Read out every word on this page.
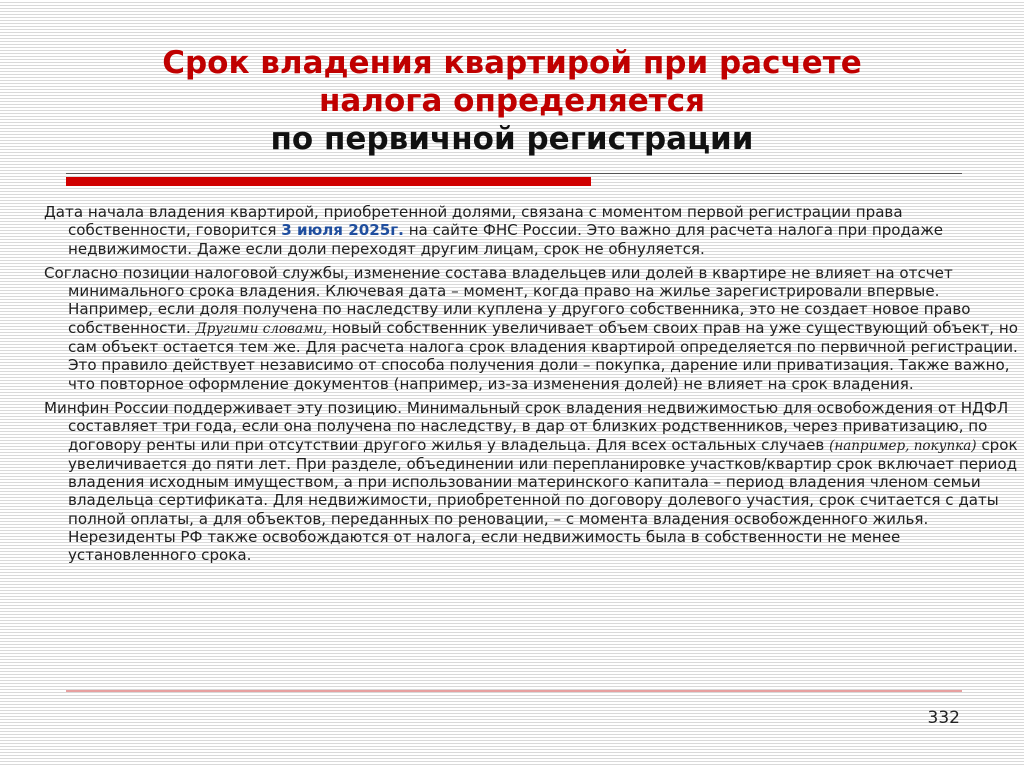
Срок владения квартирой при расчете
налога определяется
по первичной регистрации

Дата начала владения квартирой, приобретенной долями, связана с моментом первой регистрации права собственности, говорится 3 июля 2025г. на сайте ФНС России. Это важно для расчета налога при продаже недвижимости. Даже если доли переходят другим лицам, срок не обнуляется.

Согласно позиции налоговой службы, изменение состава владельцев или долей в квартире не влияет на отсчет минимального срока владения. Ключевая дата – момент, когда право на жилье зарегистрировали впервые. Например, если доля получена по наследству или куплена у другого собственника, это не создает новое право собственности. Другими словами, новый собственник увеличивает объем своих прав на уже существующий объект, но сам объект остается тем же. Для расчета налога срок владения квартирой определяется по первичной регистрации. Это правило действует независимо от способа получения доли – покупка, дарение или приватизация. Также важно, что повторное оформление документов (например, из-за изменения долей) не влияет на срок владения.

Минфин России поддерживает эту позицию. Минимальный срок владения недвижимостью для освобождения от НДФЛ составляет три года, если она получена по наследству, в дар от близких родственников, через приватизацию, по договору ренты или при отсутствии другого жилья у владельца. Для всех остальных случаев (например, покупка) срок увеличивается до пяти лет. При разделе, объединении или перепланировке участков/квартир срок включает период владения исходным имуществом, а при использовании материнского капитала – период владения членом семьи владельца сертификата. Для недвижимости, приобретенной по договору долевого участия, срок считается с даты полной оплаты, а для объектов, переданных по реновации, – с момента владения освобожденного жилья. Нерезиденты РФ также освобождаются от налога, если недвижимость была в собственности не менее установленного срока.

332
